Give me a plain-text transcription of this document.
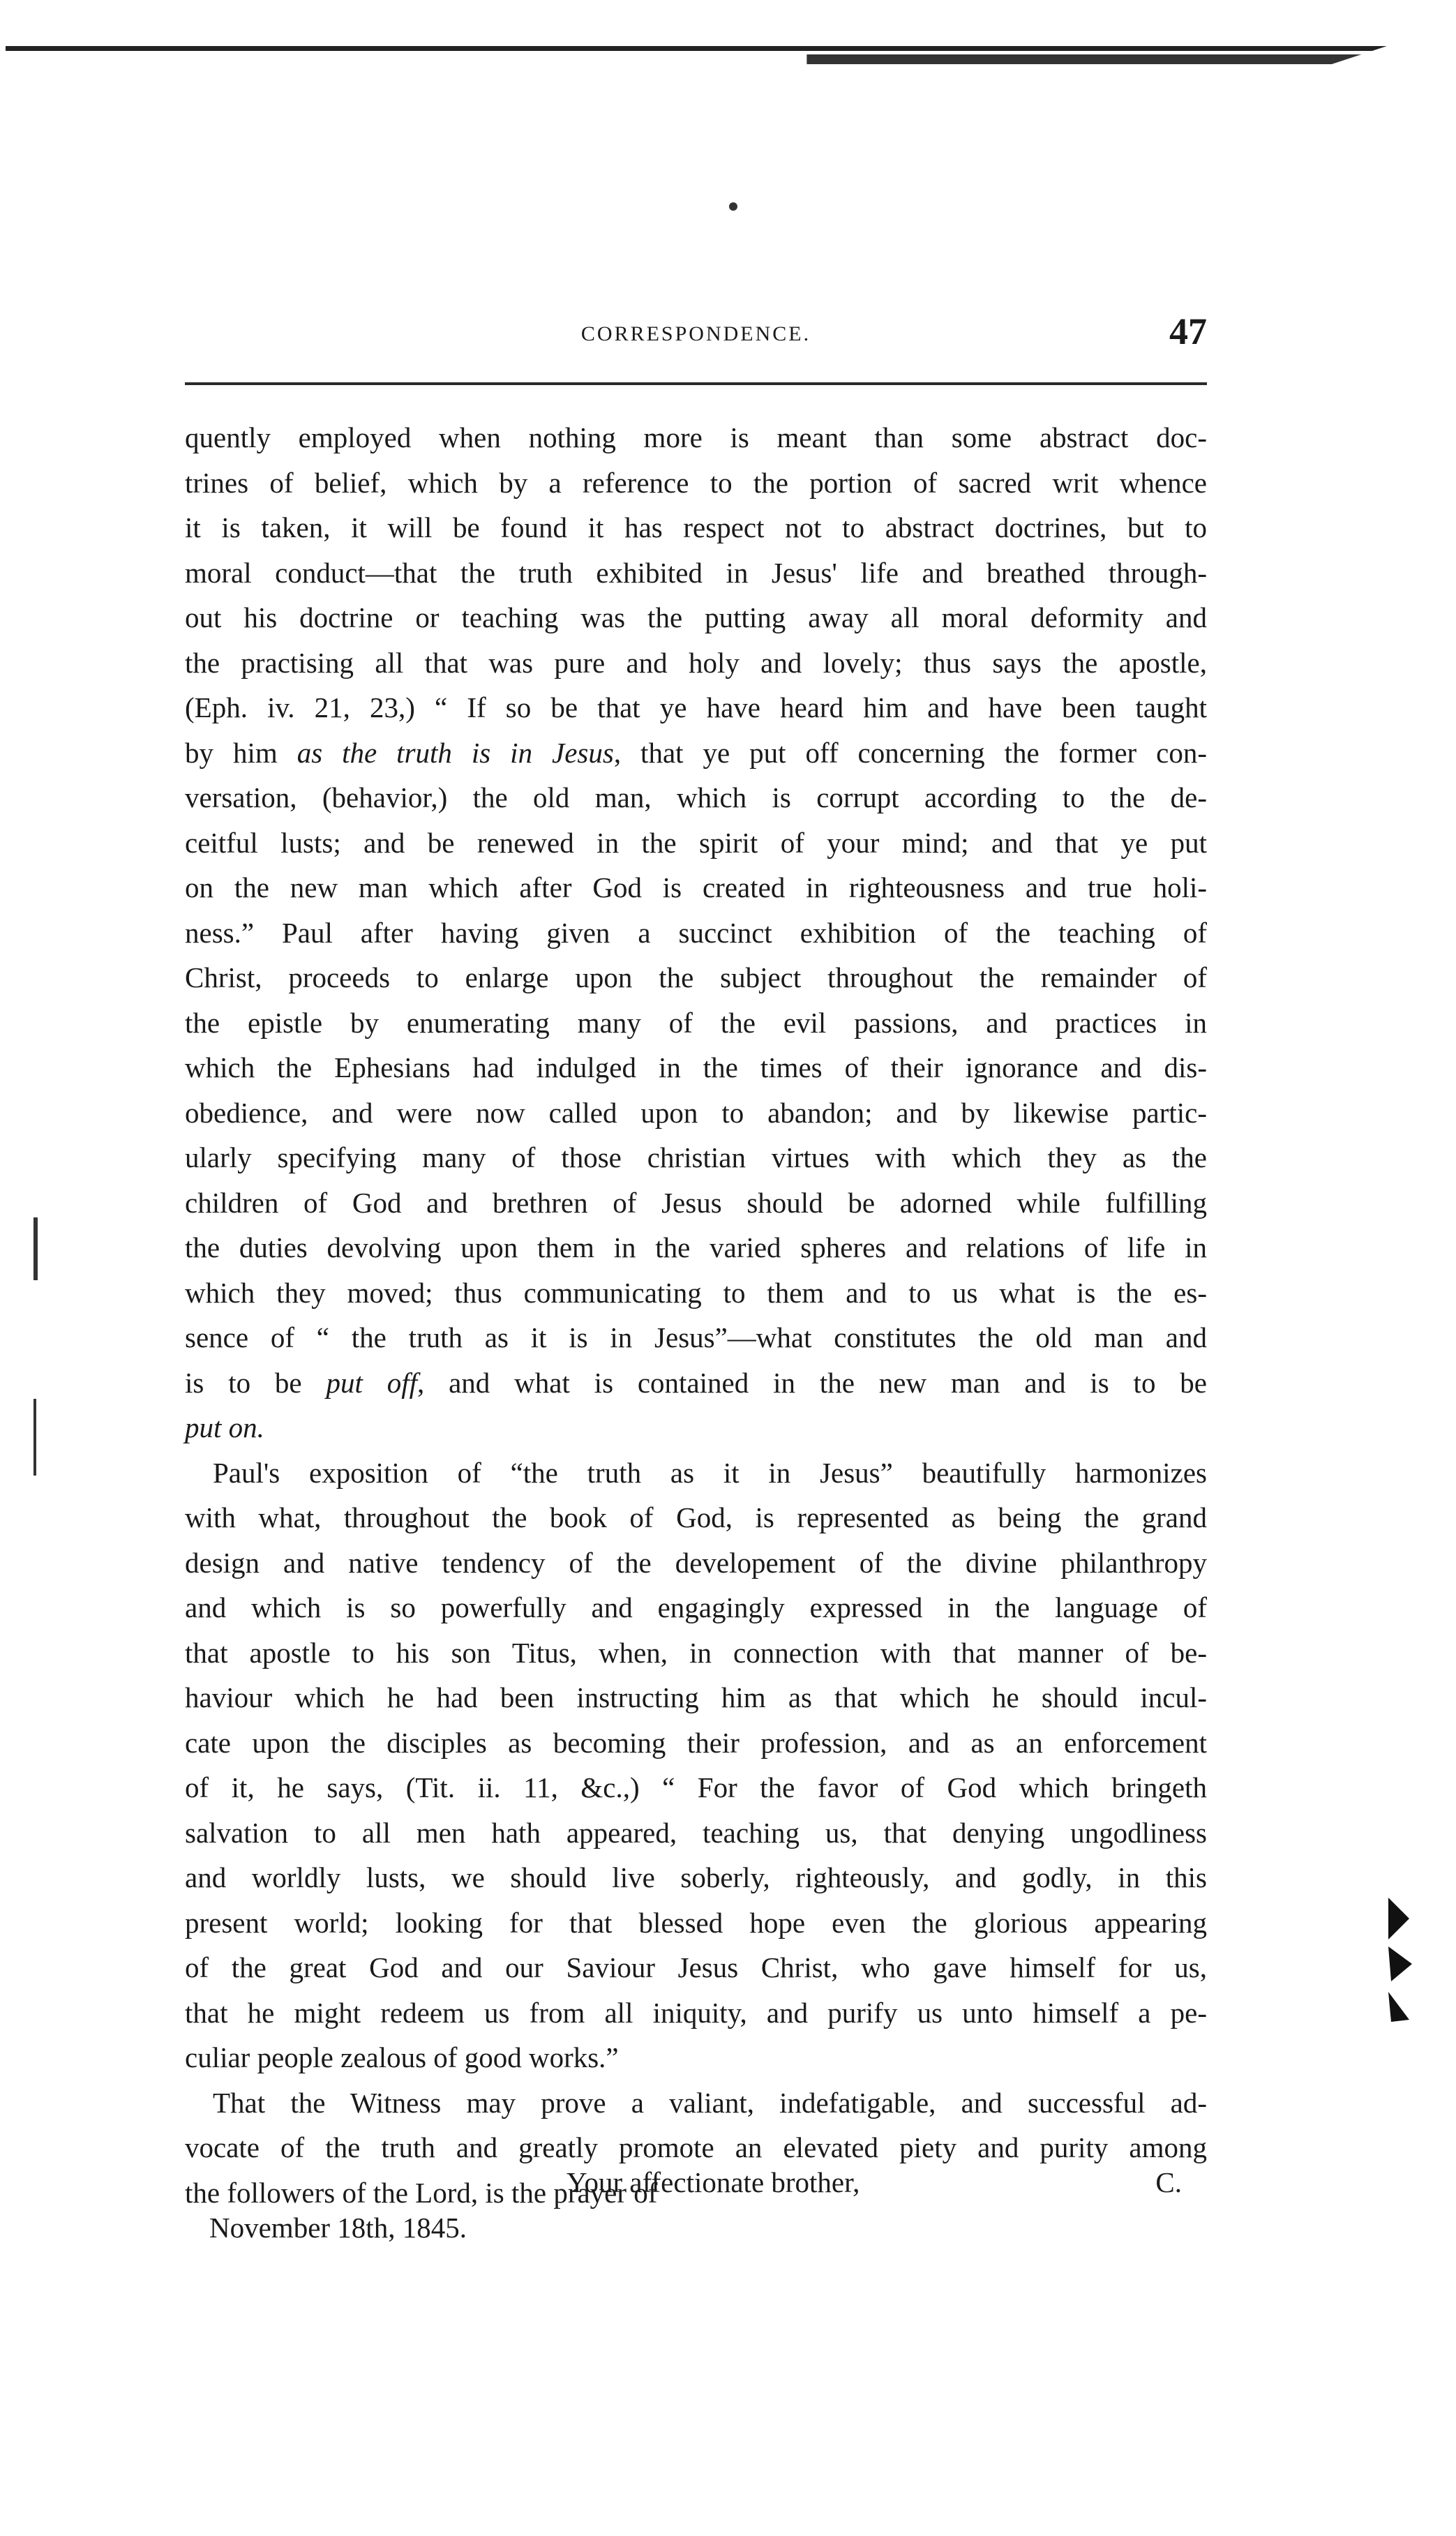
CORRESPONDENCE.	47
quently employed when nothing more is meant than some abstract doc-
trines of belief, which by a reference to the portion of sacred writ whence
it is taken, it will be found it has respect not to abstract doctrines, but to
moral conduct—that the truth exhibited in Jesus' life and breathed through-
out his doctrine or teaching was the putting away all moral deformity and
the practising all that was pure and holy and lovely; thus says the apostle,
(Eph. iv. 21, 23,) “ If so be that ye have heard him and have been taught
by him as the truth is in Jesus, that ye put off concerning the former con-
versation, (behavior,) the old man, which is corrupt according to the de-
ceitful lusts; and be renewed in the spirit of your mind; and that ye put
on the new man which after God is created in righteousness and true holi-
ness.” Paul after having given a succinct exhibition of the teaching of
Christ, proceeds to enlarge upon the subject throughout the remainder of
the epistle by enumerating many of the evil passions, and practices in
which the Ephesians had indulged in the times of their ignorance and dis-
obedience, and were now called upon to abandon; and by likewise partic-
ularly specifying many of those christian virtues with which they as the
children of God and brethren of Jesus should be adorned while fulfilling
the duties devolving upon them in the varied spheres and relations of life in
which they moved; thus communicating to them and to us what is the es-
sence of “ the truth as it is in Jesus”—what constitutes the old man and
is to be put off, and what is contained in the new man and is to be
put on.
Paul's exposition of “the truth as it in Jesus” beautifully harmonizes
with what, throughout the book of God, is represented as being the grand
design and native tendency of the developement of the divine philanthropy
and which is so powerfully and engagingly expressed in the language of
that apostle to his son Titus, when, in connection with that manner of be-
haviour which he had been instructing him as that which he should incul-
cate upon the disciples as becoming their profession, and as an enforcement
of it, he says, (Tit. ii. 11, &c.,) “ For the favor of God which bringeth
salvation to all men hath appeared, teaching us, that denying ungodliness
and worldly lusts, we should live soberly, righteously, and godly, in this
present world; looking for that blessed hope even the glorious appearing
of the great God and our Saviour Jesus Christ, who gave himself for us,
that he might redeem us from all iniquity, and purify us unto himself a pe-
culiar people zealous of good works.”
That the Witness may prove a valiant, indefatigable, and successful ad-
vocate of the truth and greatly promote an elevated piety and purity among
the followers of the Lord, is the prayer of
Your affectionate brother,	C.
November 18th, 1845.
